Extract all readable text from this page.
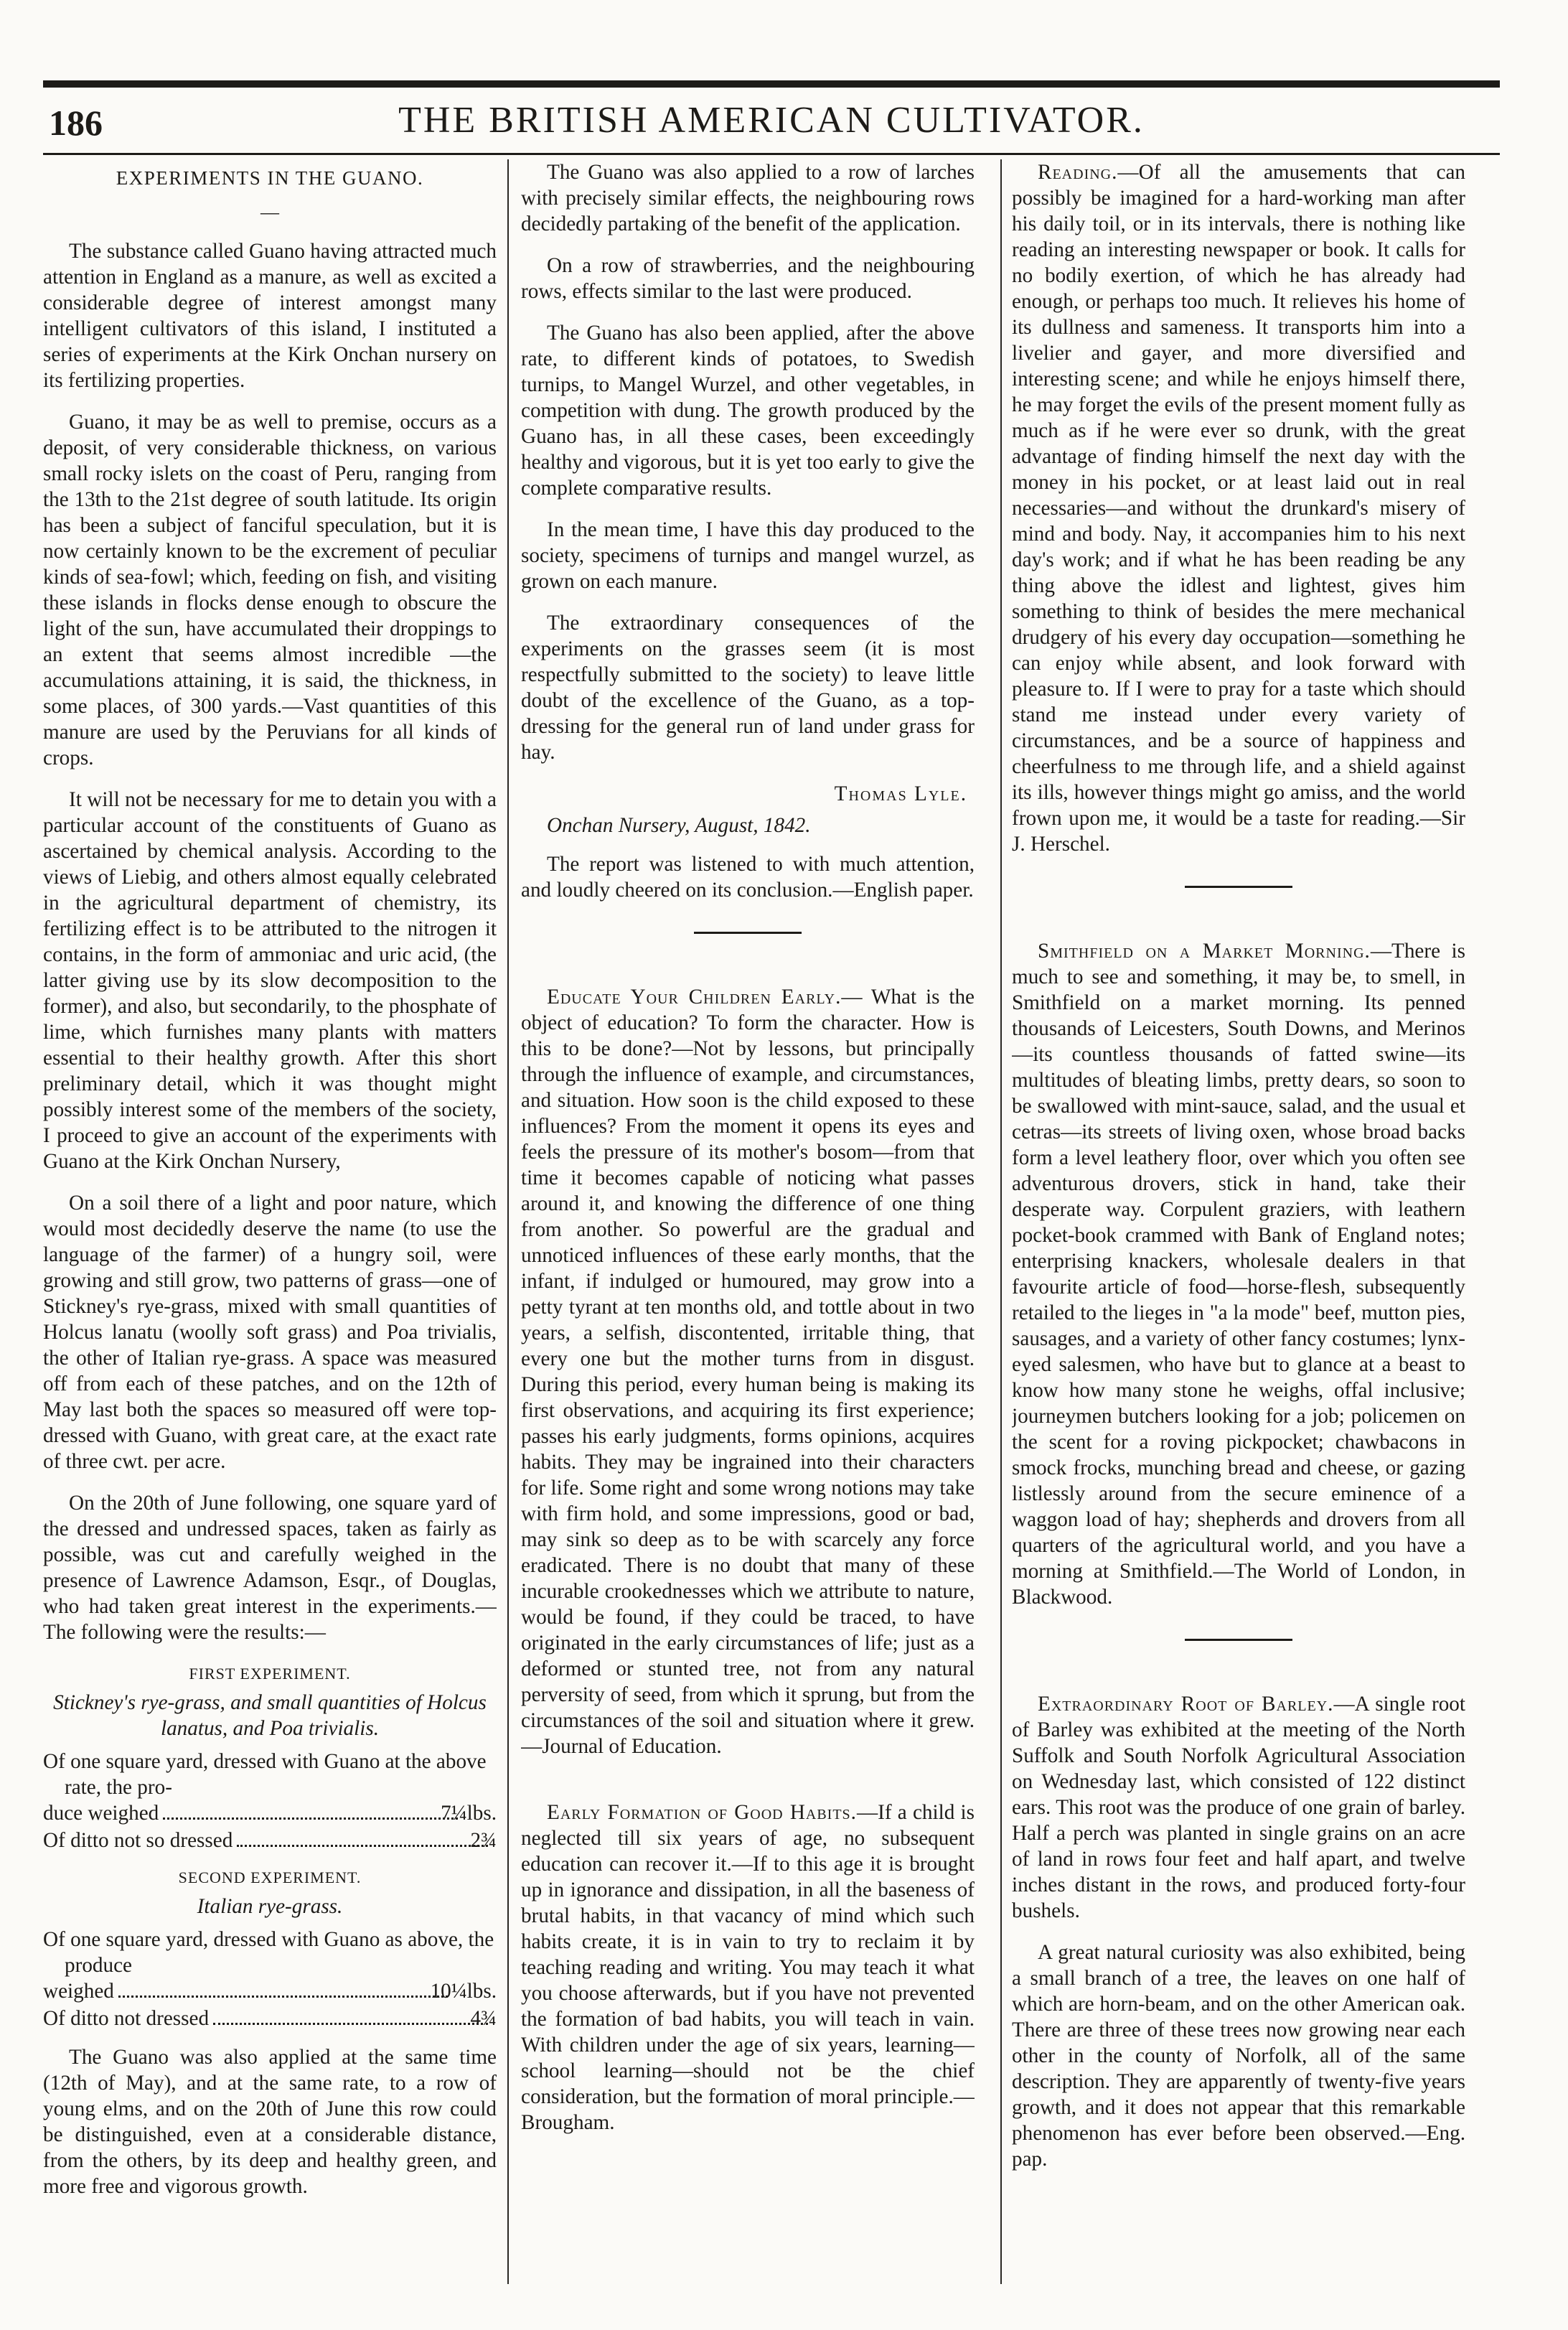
186	THE BRITISH AMERICAN CULTIVATOR.
EXPERIMENTS IN THE GUANO.
—

The substance called Guano having attracted much attention in England as a manure, as well as excited a considerable degree of interest amongst many intelligent cultivators of this island, I instituted a series of experiments at the Kirk Onchan nursery on its fertilizing properties.

Guano, it may be as well to premise, occurs as a deposit, of very considerable thickness, on various small rocky islets on the coast of Peru, ranging from the 13th to the 21st degree of south latitude. Its origin has been a subject of fanciful speculation, but it is now certainly known to be the excrement of peculiar kinds of sea-fowl; which, feeding on fish, and visiting these islands in flocks dense enough to obscure the light of the sun, have accumulated their droppings to an extent that seems almost incredible —the accumulations attaining, it is said, the thickness, in some places, of 300 yards.—Vast quantities of this manure are used by the Peruvians for all kinds of crops.

It will not be necessary for me to detain you with a particular account of the constituents of Guano as ascertained by chemical analysis. According to the views of Liebig, and others almost equally celebrated in the agricultural department of chemistry, its fertilizing effect is to be attributed to the nitrogen it contains, in the form of ammoniac and uric acid, (the latter giving use by its slow decomposition to the former), and also, but secondarily, to the phosphate of lime, which furnishes many plants with matters essential to their healthy growth. After this short preliminary detail, which it was thought might possibly interest some of the members of the society, I proceed to give an account of the experiments with Guano at the Kirk Onchan Nursery,

On a soil there of a light and poor nature, which would most decidedly deserve the name (to use the language of the farmer) of a hungry soil, were growing and still grow, two patterns of grass—one of Stickney's rye-grass, mixed with small quantities of Holcus lanatu (woolly soft grass) and Poa trivialis, the other of Italian rye-grass. A space was measured off from each of these patches, and on the 12th of May last both the spaces so measured off were top-dressed with Guano, with great care, at the exact rate of three cwt. per acre.

On the 20th of June following, one square yard of the dressed and undressed spaces, taken as fairly as possible, was cut and carefully weighed in the presence of Lawrence Adamson, Esqr., of Douglas, who had taken great interest in the experiments.—The following were the results:—

FIRST EXPERIMENT.
Stickney's rye-grass, and small quantities of Holcus lanatus, and Poa trivialis.
Of one square yard, dressed with Guano at the above rate, the pro-
duce weighed	7¼lbs.
Of ditto not so dressed	2¾
SECOND EXPERIMENT.
Italian rye-grass.
Of one square yard, dressed with Guano as above, the produce
weighed	10¼lbs.
Of ditto not dressed	4¾

The Guano was also applied at the same time (12th of May), and at the same rate, to a row of young elms, and on the 20th of June this row could be distinguished, even at a considerable distance, from the others, by its deep and healthy green, and more free and vigorous growth.

The Guano was also applied to a row of larches with precisely similar effects, the neighbouring rows decidedly partaking of the benefit of the application.

On a row of strawberries, and the neighbouring rows, effects similar to the last were produced.

The Guano has also been applied, after the above rate, to different kinds of potatoes, to Swedish turnips, to Mangel Wurzel, and other vegetables, in competition with dung. The growth produced by the Guano has, in all these cases, been exceedingly healthy and vigorous, but it is yet too early to give the complete comparative results.

In the mean time, I have this day produced to the society, specimens of turnips and mangel wurzel, as grown on each manure.

The extraordinary consequences of the experiments on the grasses seem (it is most respectfully submitted to the society) to leave little doubt of the excellence of the Guano, as a top-dressing for the general run of land under grass for hay.

Thomas Lyle.
Onchan Nursery, August, 1842.

The report was listened to with much attention, and loudly cheered on its conclusion.—English paper.

Educate Your Children Early.— What is the object of education? To form the character. How is this to be done?—Not by lessons, but principally through the influence of example, and circumstances, and situation. How soon is the child exposed to these influences? From the moment it opens its eyes and feels the pressure of its mother's bosom—from that time it becomes capable of noticing what passes around it, and knowing the difference of one thing from another. So powerful are the gradual and unnoticed influences of these early months, that the infant, if indulged or humoured, may grow into a petty tyrant at ten months old, and tottle about in two years, a selfish, discontented, irritable thing, that every one but the mother turns from in disgust. During this period, every human being is making its first observations, and acquiring its first experience; passes his early judgments, forms opinions, acquires habits. They may be ingrained into their characters for life. Some right and some wrong notions may take with firm hold, and some impressions, good or bad, may sink so deep as to be with scarcely any force eradicated. There is no doubt that many of these incurable crookednesses which we attribute to nature, would be found, if they could be traced, to have originated in the early circumstances of life; just as a deformed or stunted tree, not from any natural perversity of seed, from which it sprung, but from the circumstances of the soil and situation where it grew.—Journal of Education.

Early Formation of Good Habits.—If a child is neglected till six years of age, no subsequent education can recover it.—If to this age it is brought up in ignorance and dissipation, in all the baseness of brutal habits, in that vacancy of mind which such habits create, it is in vain to try to reclaim it by teaching reading and writing. You may teach it what you choose afterwards, but if you have not prevented the formation of bad habits, you will teach in vain. With children under the age of six years, learning—school learning—should not be the chief consideration, but the formation of moral principle.—Brougham.

Reading.—Of all the amusements that can possibly be imagined for a hard-working man after his daily toil, or in its intervals, there is nothing like reading an interesting newspaper or book. It calls for no bodily exertion, of which he has already had enough, or perhaps too much. It relieves his home of its dullness and sameness. It transports him into a livelier and gayer, and more diversified and interesting scene; and while he enjoys himself there, he may forget the evils of the present moment fully as much as if he were ever so drunk, with the great advantage of finding himself the next day with the money in his pocket, or at least laid out in real necessaries—and without the drunkard's misery of mind and body. Nay, it accompanies him to his next day's work; and if what he has been reading be any thing above the idlest and lightest, gives him something to think of besides the mere mechanical drudgery of his every day occupation—something he can enjoy while absent, and look forward with pleasure to. If I were to pray for a taste which should stand me instead under every variety of circumstances, and be a source of happiness and cheerfulness to me through life, and a shield against its ills, however things might go amiss, and the world frown upon me, it would be a taste for reading.—Sir J. Herschel.

Smithfield on a Market Morning.—There is much to see and something, it may be, to smell, in Smithfield on a market morning. Its penned thousands of Leicesters, South Downs, and Merinos—its countless thousands of fatted swine—its multitudes of bleating limbs, pretty dears, so soon to be swallowed with mint-sauce, salad, and the usual et cetras—its streets of living oxen, whose broad backs form a level leathery floor, over which you often see adventurous drovers, stick in hand, take their desperate way. Corpulent graziers, with leathern pocket-book crammed with Bank of England notes; enterprising knackers, wholesale dealers in that favourite article of food—horse-flesh, subsequently retailed to the lieges in "a la mode" beef, mutton pies, sausages, and a variety of other fancy costumes; lynx-eyed salesmen, who have but to glance at a beast to know how many stone he weighs, offal inclusive; journeymen butchers looking for a job; policemen on the scent for a roving pickpocket; chawbacons in smock frocks, munching bread and cheese, or gazing listlessly around from the secure eminence of a waggon load of hay; shepherds and drovers from all quarters of the agricultural world, and you have a morning at Smithfield.—The World of London, in Blackwood.

Extraordinary Root of Barley.—A single root of Barley was exhibited at the meeting of the North Suffolk and South Norfolk Agricultural Association on Wednesday last, which consisted of 122 distinct ears. This root was the produce of one grain of barley. Half a perch was planted in single grains on an acre of land in rows four feet and half apart, and twelve inches distant in the rows, and produced forty-four bushels.

A great natural curiosity was also exhibited, being a small branch of a tree, the leaves on one half of which are horn-beam, and on the other American oak. There are three of these trees now growing near each other in the county of Norfolk, all of the same description. They are apparently of twenty-five years growth, and it does not appear that this remarkable phenomenon has ever before been observed.—Eng. pap.
